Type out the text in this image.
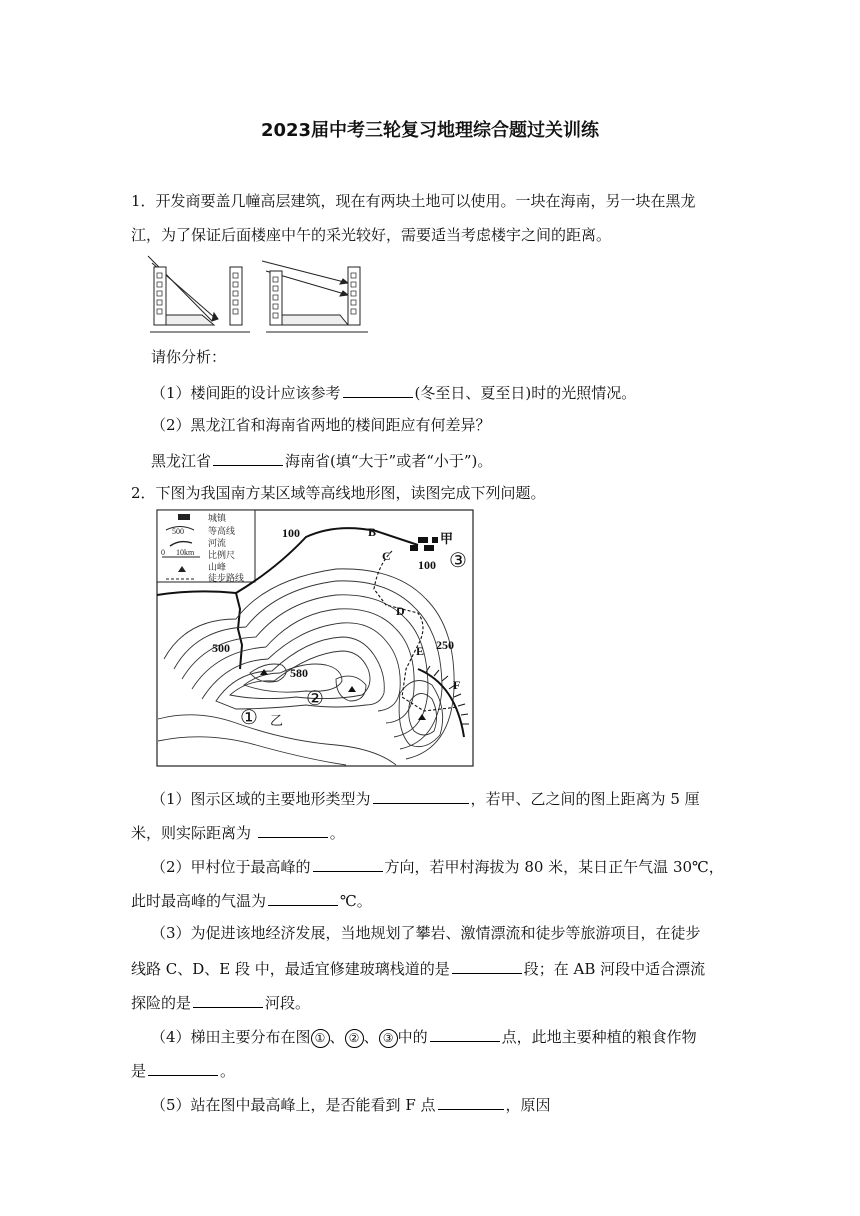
2023届中考三轮复习地理综合题过关训练
1．开发商要盖几幢高层建筑，现在有两块土地可以使用。一块在海南，另一块在黑龙
江，为了保证后面楼座中午的采光较好，需要适当考虑楼宇之间的距离。
请你分析：
（1）楼间距的设计应该参考	(冬至日、夏至日)时的光照情况。
（2）黑龙江省和海南省两地的楼间距应有何差异？
黑龙江省	海南省(填“大于”或者“小于”)。
2．下图为我国南方某区域等高线地形图，读图完成下列问题。
城镇
500	等高线
河流
0 10km 比例尺
山峰
徒步路线
100	B
C
甲
100 ③
D
500	E 250
580
②
F
① 乙
（1）图示区域的主要地形类型为	，若甲、乙之间的图上距离为 5 厘
米，则实际距离为	。
（2）甲村位于最高峰的	方向，若甲村海拔为 80 米，某日正午气温 30℃，
此时最高峰的气温为	℃。
（3）为促进该地经济发展，当地规划了攀岩、激情漂流和徒步等旅游项目，在徒步
线路 C、D、E 段 中，最适宜修建玻璃栈道的是	段；在 AB 河段中适合漂流
探险的是	河段。
（4）梯田主要分布在图 ① 、 ② 、 ③ 中的	点，此地主要种植的粮食作物
是	。
（5）站在图中最高峰上，是否能看到 F 点	，原因
